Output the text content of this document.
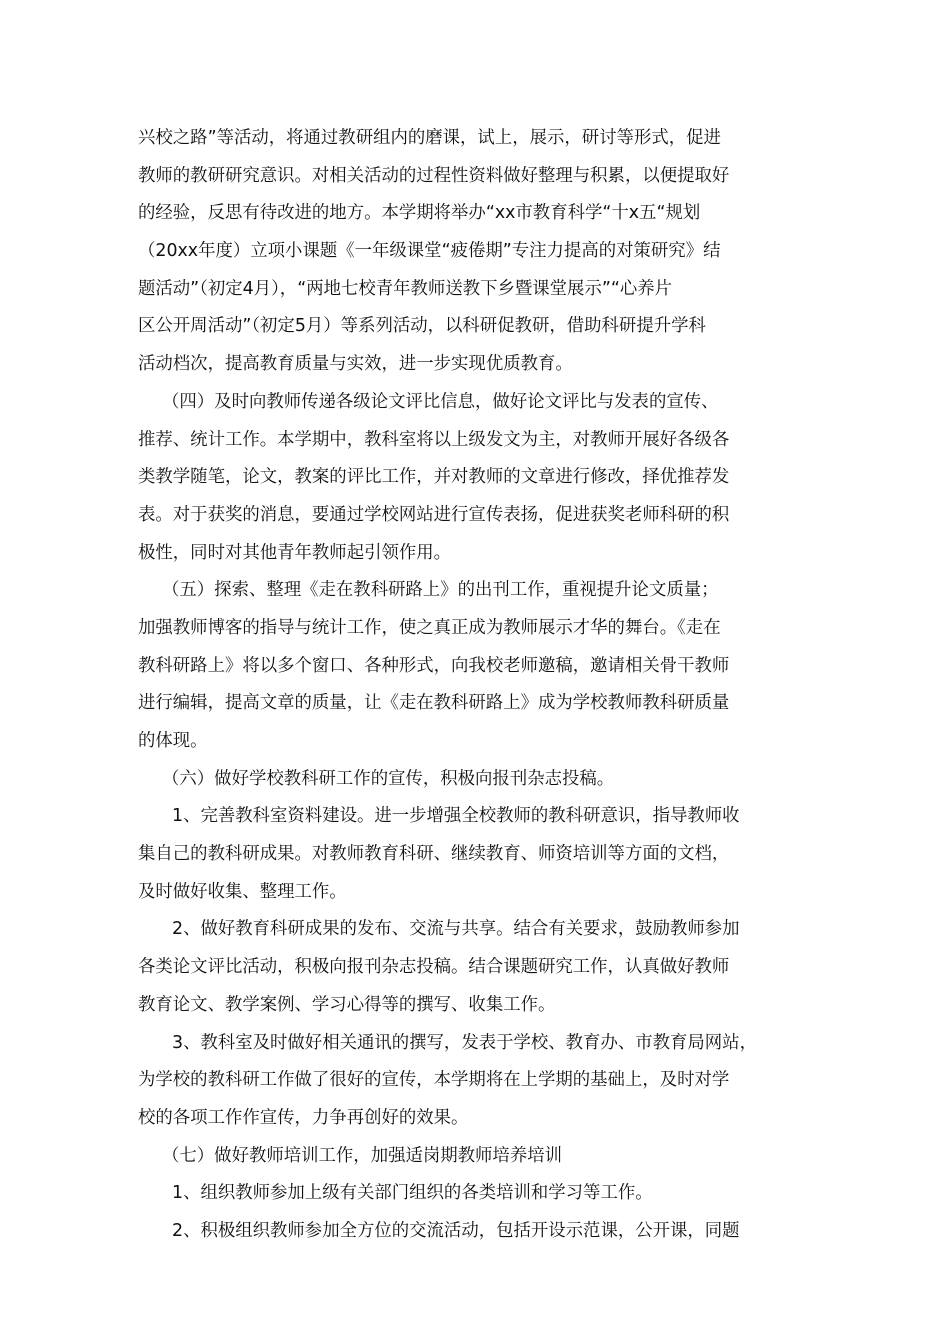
兴校之路”等活动，将通过教研组内的磨课，试上，展示，研讨等形式，促进
教师的教研研究意识。对相关活动的过程性资料做好整理与积累，以便提取好
的经验，反思有待改进的地方。本学期将举办“xx市教育科学“十x五“规划
（20xx年度）立项小课题《一年级课堂“疲倦期”专注力提高的对策研究》结
题活动”（初定4月），“两地七校青年教师送教下乡暨课堂展示”“心养片
区公开周活动”（初定5月）等系列活动，以科研促教研，借助科研提升学科
活动档次，提高教育质量与实效，进一步实现优质教育。
（四）及时向教师传递各级论文评比信息，做好论文评比与发表的宣传、
推荐、统计工作。本学期中，教科室将以上级发文为主，对教师开展好各级各
类教学随笔，论文，教案的评比工作，并对教师的文章进行修改，择优推荐发
表。对于获奖的消息，要通过学校网站进行宣传表扬，促进获奖老师科研的积
极性，同时对其他青年教师起引领作用。
（五）探索、整理《走在教科研路上》的出刊工作，重视提升论文质量；
加强教师博客的指导与统计工作，使之真正成为教师展示才华的舞台。《走在
教科研路上》将以多个窗口、各种形式，向我校老师邀稿，邀请相关骨干教师
进行编辑，提高文章的质量，让《走在教科研路上》成为学校教师教科研质量
的体现。
（六）做好学校教科研工作的宣传，积极向报刊杂志投稿。
1、完善教科室资料建设。进一步增强全校教师的教科研意识，指导教师收
集自己的教科研成果。对教师教育科研、继续教育、师资培训等方面的文档，
及时做好收集、整理工作。
2、做好教育科研成果的发布、交流与共享。结合有关要求，鼓励教师参加
各类论文评比活动，积极向报刊杂志投稿。结合课题研究工作，认真做好教师
教育论文、教学案例、学习心得等的撰写、收集工作。
3、教科室及时做好相关通讯的撰写，发表于学校、教育办、市教育局网站，
为学校的教科研工作做了很好的宣传，本学期将在上学期的基础上，及时对学
校的各项工作作宣传，力争再创好的效果。
（七）做好教师培训工作，加强适岗期教师培养培训
1、组织教师参加上级有关部门组织的各类培训和学习等工作。
2、积极组织教师参加全方位的交流活动，包括开设示范课，公开课，同题
